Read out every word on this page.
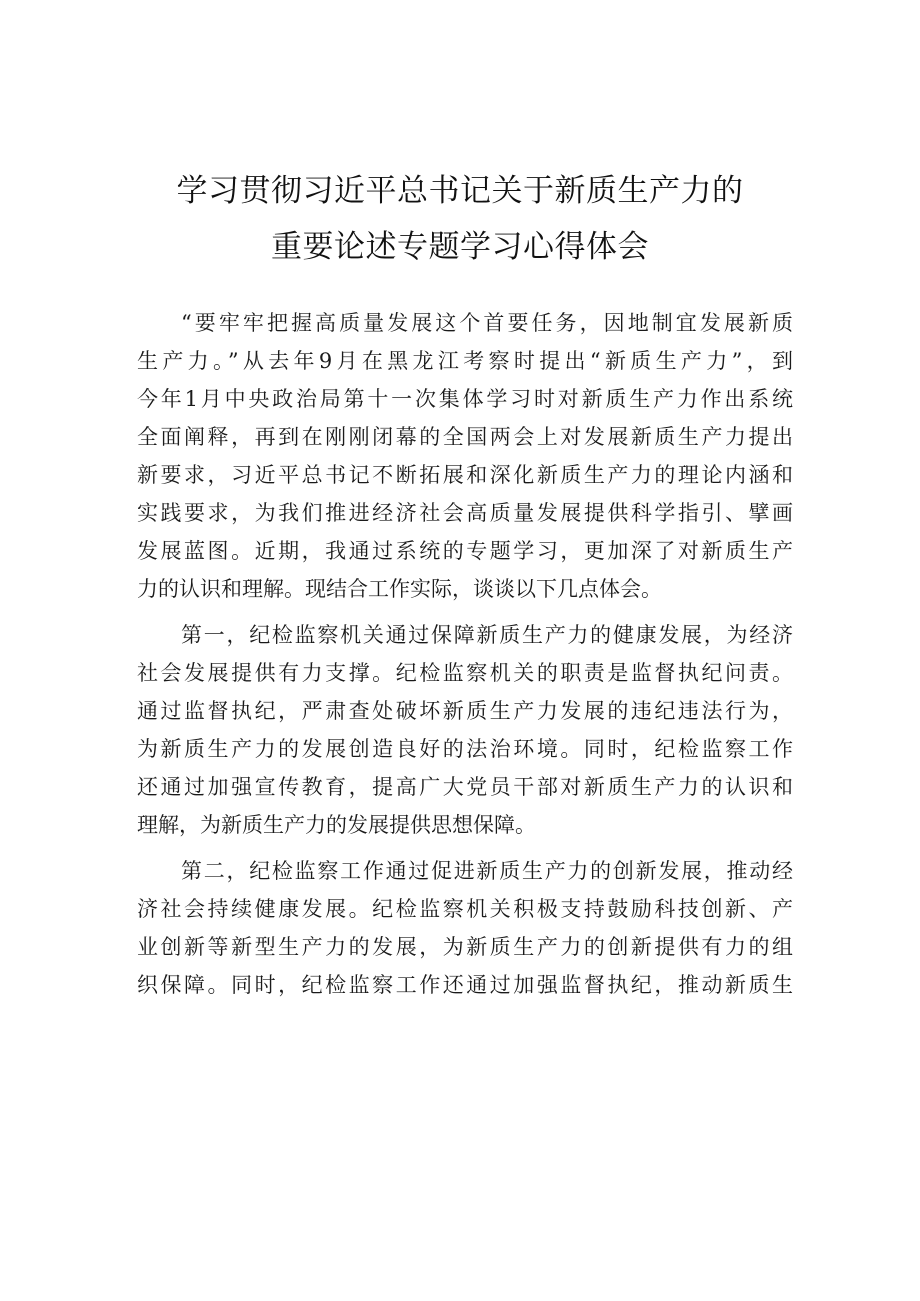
学习贯彻习近平总书记关于新质生产力的
重要论述专题学习心得体会
“要牢牢把握高质量发展这个首要任务，因地制宜发展新质
生产力。”从去年9月在黑龙江考察时提出“新质生产力”，到
今年1月中央政治局第十一次集体学习时对新质生产力作出系统
全面阐释，再到在刚刚闭幕的全国两会上对发展新质生产力提出
新要求，习近平总书记不断拓展和深化新质生产力的理论内涵和
实践要求，为我们推进经济社会高质量发展提供科学指引、擘画
发展蓝图。近期，我通过系统的专题学习，更加深了对新质生产
力的认识和理解。现结合工作实际，谈谈以下几点体会。
第一，纪检监察机关通过保障新质生产力的健康发展，为经济
社会发展提供有力支撑。纪检监察机关的职责是监督执纪问责。
通过监督执纪，严肃查处破坏新质生产力发展的违纪违法行为，
为新质生产力的发展创造良好的法治环境。同时，纪检监察工作
还通过加强宣传教育，提高广大党员干部对新质生产力的认识和
理解，为新质生产力的发展提供思想保障。
第二，纪检监察工作通过促进新质生产力的创新发展，推动经
济社会持续健康发展。纪检监察机关积极支持鼓励科技创新、产
业创新等新型生产力的发展，为新质生产力的创新提供有力的组
织保障。同时，纪检监察工作还通过加强监督执纪，推动新质生
